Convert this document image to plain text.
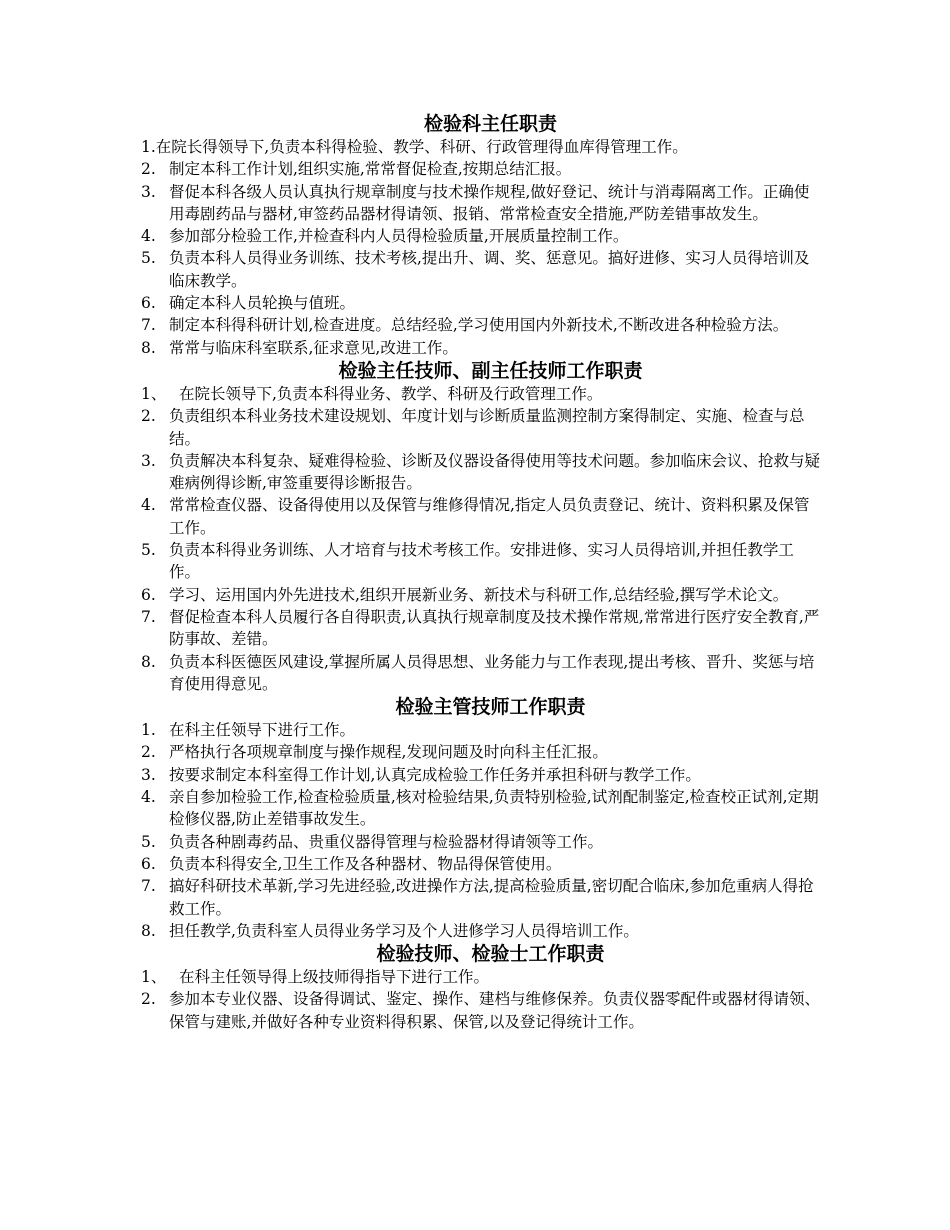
检验科主任职责
1. 在院长得领导下,负责本科得检验、教学、科研、行政管理得血库得管理工作。
2. 制定本科工作计划,组织实施,常常督促检查,按期总结汇报。
3. 督促本科各级人员认真执行规章制度与技术操作规程,做好登记、统计与消毒隔离工作。正确使用毒剧药品与器材,审签药品器材得请领、报销、常常检查安全措施,严防差错事故发生。
4. 参加部分检验工作,并检查科内人员得检验质量,开展质量控制工作。
5. 负责本科人员得业务训练、技术考核,提出升、调、奖、惩意见。搞好进修、实习人员得培训及临床教学。
6. 确定本科人员轮换与值班。
7. 制定本科得科研计划,检查进度。总结经验,学习使用国内外新技术,不断改进各种检验方法。
8. 常常与临床科室联系,征求意见,改进工作。
检验主任技师、副主任技师工作职责
1、 在院长领导下,负责本科得业务、教学、科研及行政管理工作。
2. 负责组织本科业务技术建设规划、年度计划与诊断质量监测控制方案得制定、实施、检查与总结。
3. 负责解决本科复杂、疑难得检验、诊断及仪器设备得使用等技术问题。参加临床会议、抢救与疑难病例得诊断,审签重要得诊断报告。
4. 常常检查仪器、设备得使用以及保管与维修得情况,指定人员负责登记、统计、资料积累及保管工作。
5. 负责本科得业务训练、人才培育与技术考核工作。安排进修、实习人员得培训,并担任教学工作。
6. 学习、运用国内外先进技术,组织开展新业务、新技术与科研工作,总结经验,撰写学术论文。
7. 督促检查本科人员履行各自得职责,认真执行规章制度及技术操作常规,常常进行医疗安全教育,严防事故、差错。
8. 负责本科医德医风建设,掌握所属人员得思想、业务能力与工作表现,提出考核、晋升、奖惩与培育使用得意见。
检验主管技师工作职责
1. 在科主任领导下进行工作。
2. 严格执行各项规章制度与操作规程,发现问题及时向科主任汇报。
3. 按要求制定本科室得工作计划,认真完成检验工作任务并承担科研与教学工作。
4. 亲自参加检验工作,检查检验质量,核对检验结果,负责特别检验,试剂配制鉴定,检查校正试剂,定期检修仪器,防止差错事故发生。
5. 负责各种剧毒药品、贵重仪器得管理与检验器材得请领等工作。
6. 负责本科得安全,卫生工作及各种器材、物品得保管使用。
7. 搞好科研技术革新,学习先进经验,改进操作方法,提高检验质量,密切配合临床,参加危重病人得抢救工作。
8. 担任教学,负责科室人员得业务学习及个人进修学习人员得培训工作。
检验技师、检验士工作职责
1、 在科主任领导得上级技师得指导下进行工作。
2. 参加本专业仪器、设备得调试、鉴定、操作、建档与维修保养。负责仪器零配件或器材得请领、保管与建账,并做好各种专业资料得积累、保管,以及登记得统计工作。
